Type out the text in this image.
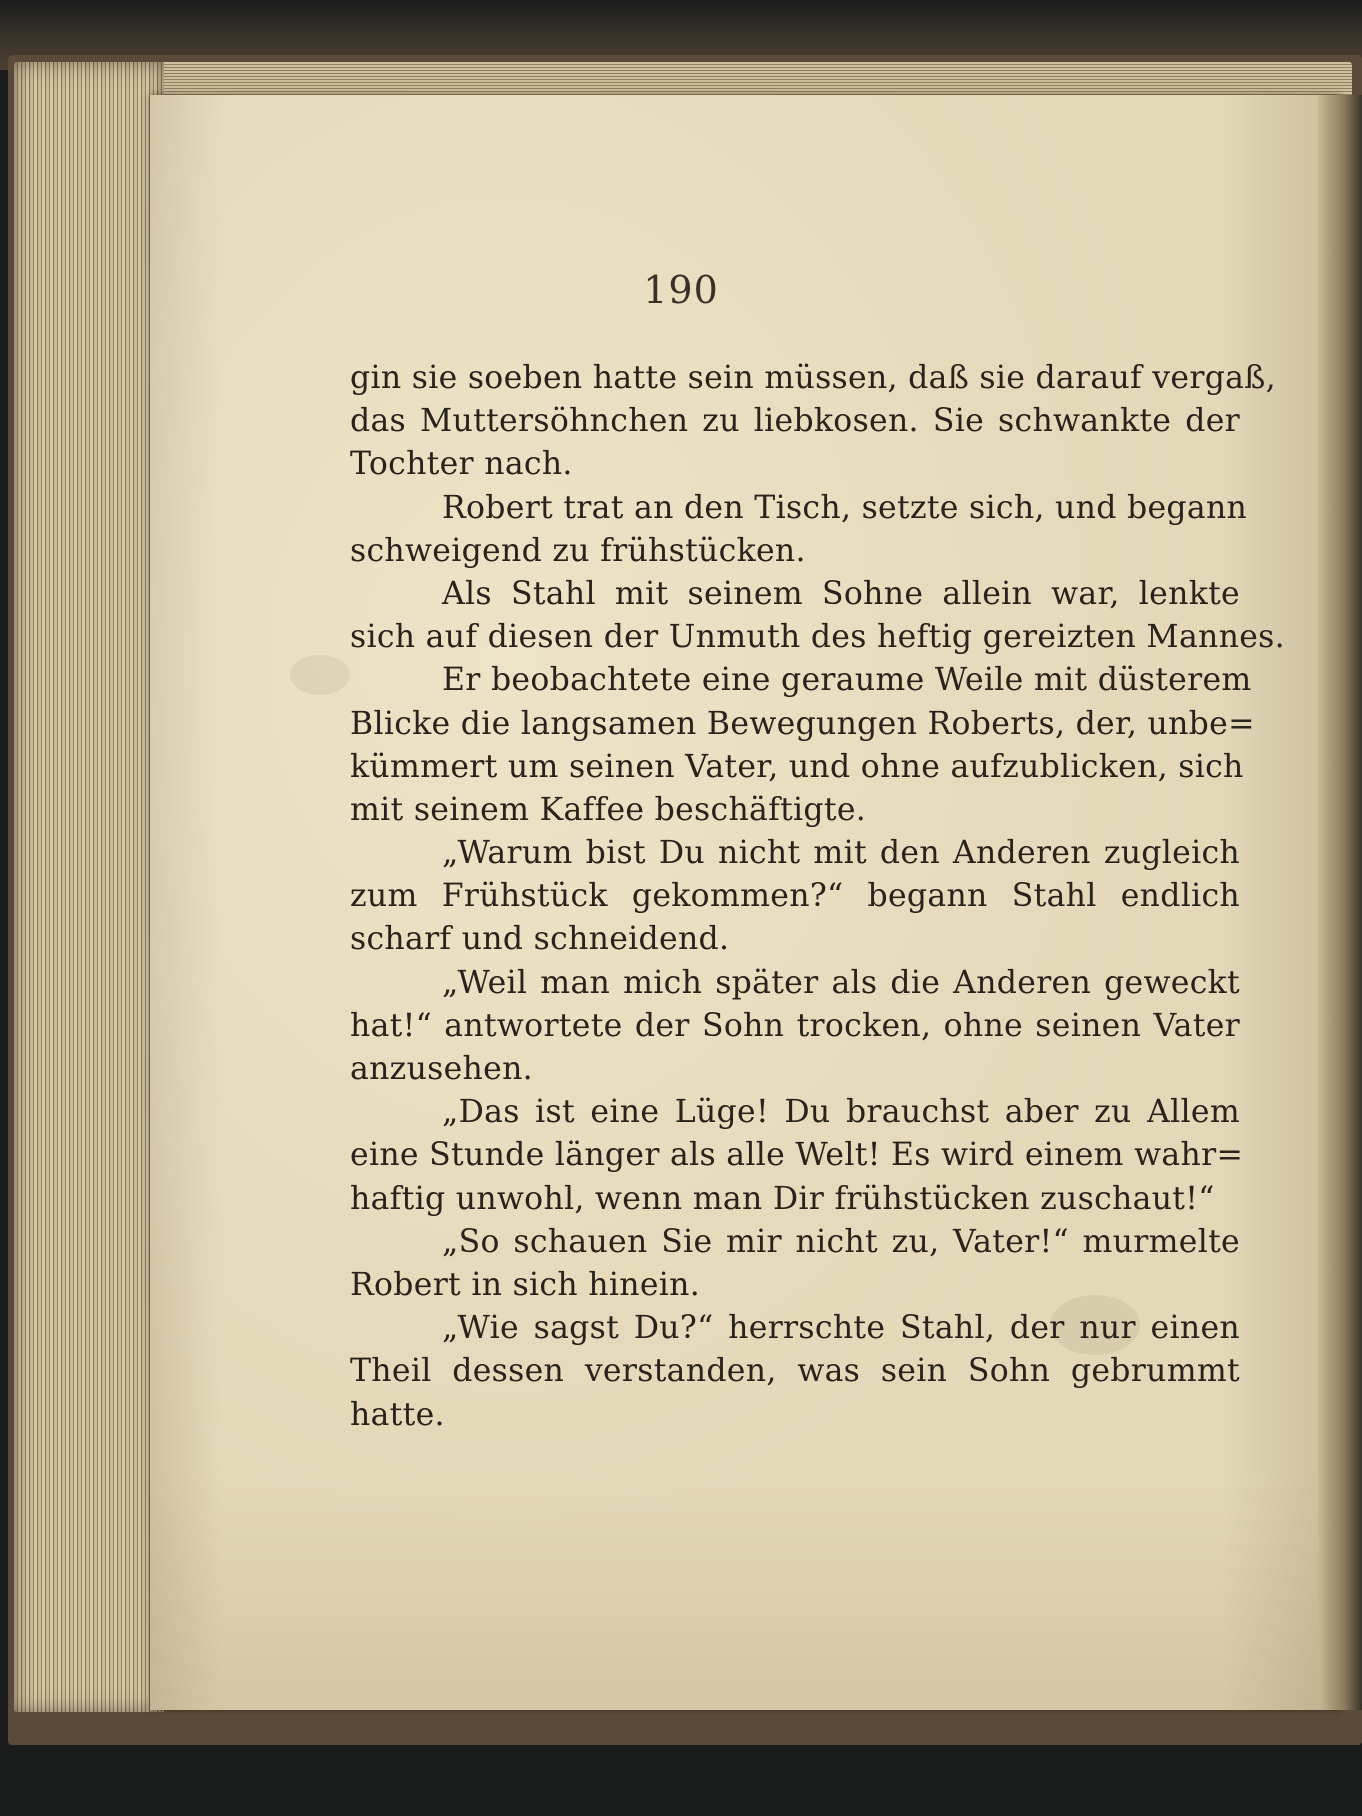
190

gin sie soeben hatte sein müssen, daß sie darauf vergaß,
das Muttersöhnchen zu liebkosen. Sie schwankte der
Tochter nach.
Robert trat an den Tisch, setzte sich, und begann
schweigend zu frühstücken.
Als Stahl mit seinem Sohne allein war, lenkte
sich auf diesen der Unmuth des heftig gereizten Mannes.
Er beobachtete eine geraume Weile mit düsterem
Blicke die langsamen Bewegungen Roberts, der, unbe=
kümmert um seinen Vater, und ohne aufzublicken, sich
mit seinem Kaffee beschäftigte.
„Warum bist Du nicht mit den Anderen zugleich
zum Frühstück gekommen?“ begann Stahl endlich
scharf und schneidend.
„Weil man mich später als die Anderen geweckt
hat!“ antwortete der Sohn trocken, ohne seinen Vater
anzusehen.
„Das ist eine Lüge! Du brauchst aber zu Allem
eine Stunde länger als alle Welt! Es wird einem wahr=
haftig unwohl, wenn man Dir frühstücken zuschaut!“
„So schauen Sie mir nicht zu, Vater!“ murmelte
Robert in sich hinein.
„Wie sagst Du?“ herrschte Stahl, der nur einen
Theil dessen verstanden, was sein Sohn gebrummt
hatte.
